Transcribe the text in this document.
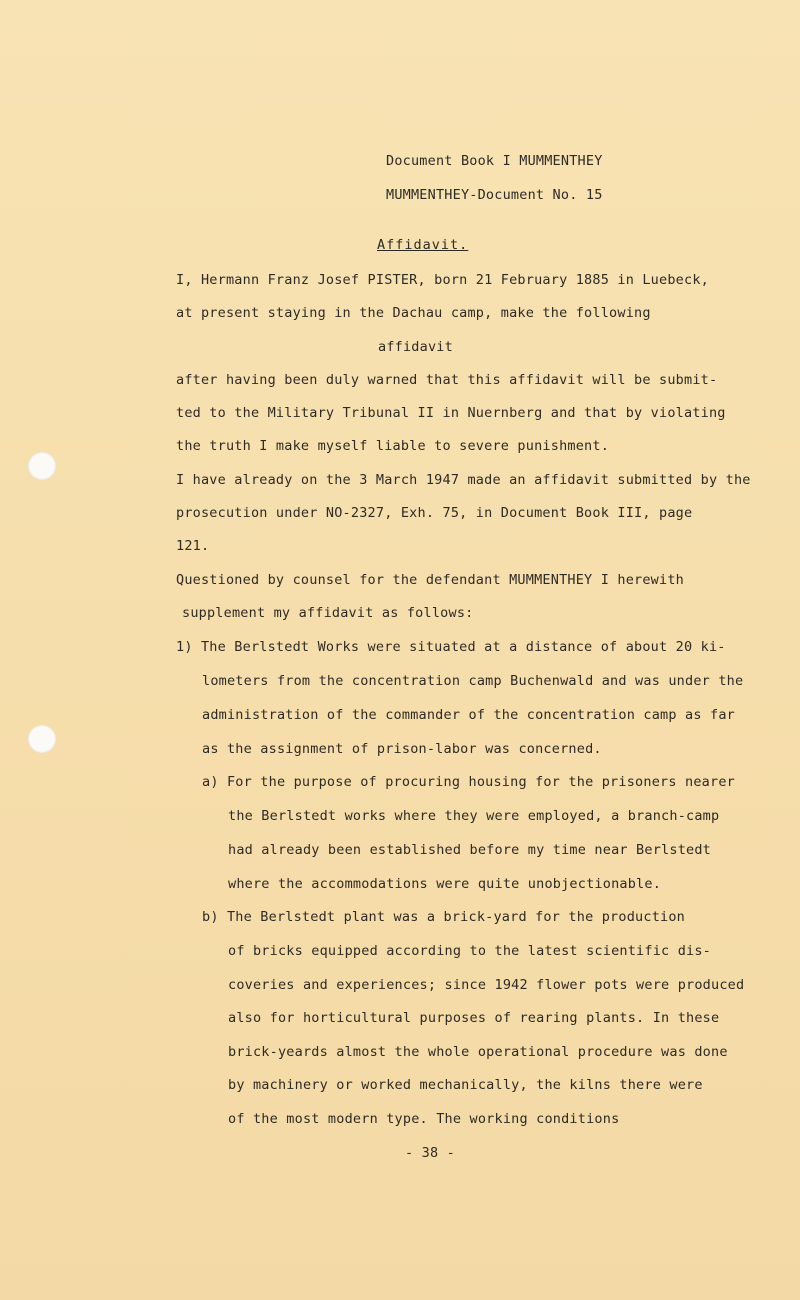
Document Book I MUMMENTHEY
MUMMENTHEY-Document No. 15
Affidavit.
I, Hermann Franz Josef PISTER, born 21 February 1885 in Luebeck,
at present staying in the Dachau camp, make the following
affidavit
after having been duly warned that this affidavit will be submit-
ted to the Military Tribunal II in Nuernberg and that by violating
the truth I make myself liable to severe punishment.
I have already on the 3 March 1947 made an affidavit submitted by the
prosecution under NO-2327, Exh. 75, in Document Book III, page
121.
Questioned by counsel for the defendant MUMMENTHEY I herewith
supplement my affidavit as follows:
1) The Berlstedt Works were situated at a distance of about 20 ki-
lometers from the concentration camp Buchenwald and was under the
administration of the commander of the concentration camp as far
as the assignment of prison-labor was concerned.
a) For the purpose of procuring housing for the prisoners nearer
the Berlstedt works where they were employed, a branch-camp
had already been established before my time near Berlstedt
where the accommodations were quite unobjectionable.
b) The Berlstedt plant was a brick-yard for the production
of bricks equipped according to the latest scientific dis-
coveries and experiences; since 1942 flower pots were produced
also for horticultural purposes of rearing plants. In these
brick-yeards almost the whole operational procedure was done
by machinery or worked mechanically, the kilns there were
of the most modern type. The working conditions
- 38 -
